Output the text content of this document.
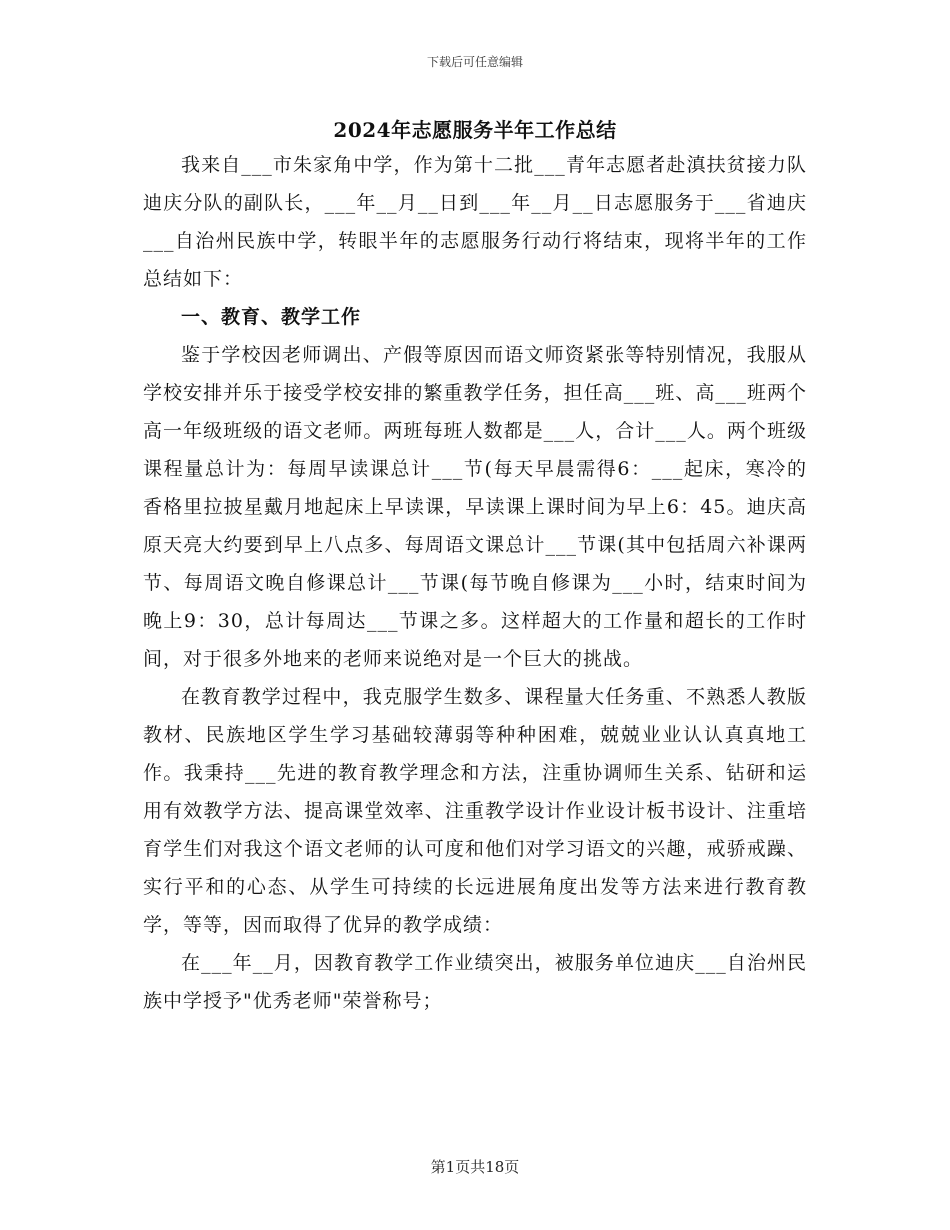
下载后可任意编辑
2024年志愿服务半年工作总结

我来自___市朱家角中学，作为第十二批___青年志愿者赴滇扶贫接力队迪庆分队的副队长，___年__月__日到___年__月__日志愿服务于___省迪庆___自治州民族中学，转眼半年的志愿服务行动行将结束，现将半年的工作总结如下：

一、教育、教学工作

鉴于学校因老师调出、产假等原因而语文师资紧张等特别情况，我服从学校安排并乐于接受学校安排的繁重教学任务，担任高___班、高___班两个高一年级班级的语文老师。两班每班人数都是___人，合计___人。两个班级课程量总计为：每周早读课总计___节(每天早晨需得6：___起床，寒冷的香格里拉披星戴月地起床上早读课，早读课上课时间为早上6：45。迪庆高原天亮大约要到早上八点多、每周语文课总计___节课(其中包括周六补课两节、每周语文晚自修课总计___节课(每节晚自修课为___小时，结束时间为晚上9：30，总计每周达___节课之多。这样超大的工作量和超长的工作时间，对于很多外地来的老师来说绝对是一个巨大的挑战。

在教育教学过程中，我克服学生数多、课程量大任务重、不熟悉人教版教材、民族地区学生学习基础较薄弱等种种困难，兢兢业业认认真真地工作。我秉持___先进的教育教学理念和方法，注重协调师生关系、钻研和运用有效教学方法、提高课堂效率、注重教学设计作业设计板书设计、注重培育学生们对我这个语文老师的认可度和他们对学习语文的兴趣，戒骄戒躁、实行平和的心态、从学生可持续的长远进展角度出发等方法来进行教育教学，等等，因而取得了优异的教学成绩：

在___年__月，因教育教学工作业绩突出，被服务单位迪庆___自治州民族中学授予"优秀老师"荣誉称号；

第1页共18页
